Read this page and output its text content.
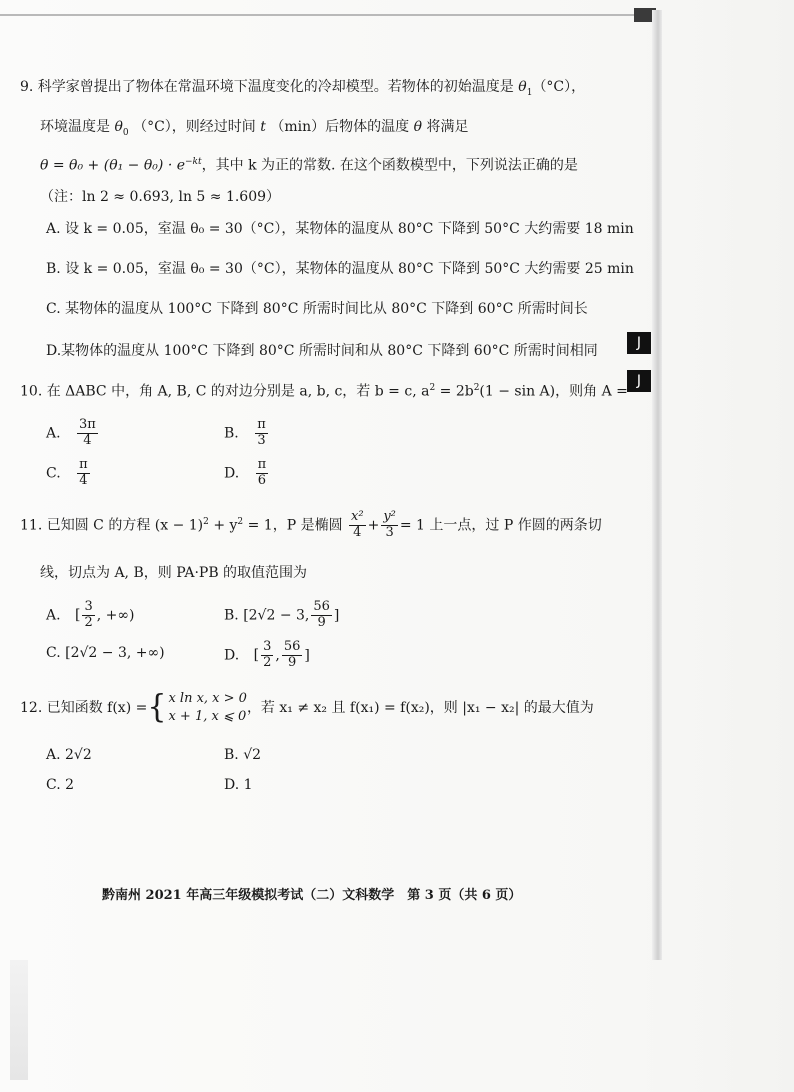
J
J
9. 科学家曾提出了物体在常温环境下温度变化的冷却模型。若物体的初始温度是 $\theta_1(^\circ C)$，
环境温度是 $\theta_0$ （°C），则经过时间 t （min）后物体的温度 θ 将满足
$\theta = \theta_0 + (\theta_1 - \theta_0) \cdot e^{-kt}$，其中 k 为正的常数. 在这个函数模型中，下列说法正确的是
（注：ln 2 ≈ 0.693, ln 5 ≈ 1.609）
A. 设 k = 0.05，室温 θ₀ = 30（°C），某物体的温度从 80°C 下降到 50°C 大约需要 18 min
B. 设 k = 0.05，室温 θ₀ = 30（°C），某物体的温度从 80°C 下降到 50°C 大约需要 25 min
C. 某物体的温度从 100°C 下降到 80°C 所需时间比从 80°C 下降到 60°C 所需时间长
D.某物体的温度从 100°C 下降到 80°C 所需时间和从 80°C 下降到 60°C 所需时间相同
10. 在 ΔABC 中，角 A, B, C 的对边分别是 a, b, c，若 b = c, $a^2 = 2b^2(1 - \sin A)$，则角 A =
A. $\frac{3\pi}{4}$	B. $\frac{\pi}{3}$
C. $\frac{\pi}{4}$	D. $\frac{\pi}{6}$
11. 已知圆 C 的方程 $(x - 1)^2 + y^2 = 1$，P 是椭圆 $\frac{\text{x²}}{4} + \frac{\text{y²}}{3} = 1$ 上一点，过 P 作圆的两条切
线，切点为 A, B，则 PA·PB 的取值范围为
A. [ $\frac{3}{2}$ , +∞)	B. [2√2 − 3, $\frac{56}{9}$ ]
C. [2√2 − 3, +∞)	D. [ $\frac{3}{2}$ , $\frac{56}{9}$ ]
12. 已知函数 f(x) = { x ln x, x > 0
x + 1, x ⩽ 0
，若 x₁ ≠ x₂ 且 f(x₁) = f(x₂)，则 |x₁ − x₂| 的最大值为
A. 2√2	B. √2
C. 2	D. 1
黔南州 2021 年高三年级模拟考试（二）文科数学　第 3 页（共 6 页）
